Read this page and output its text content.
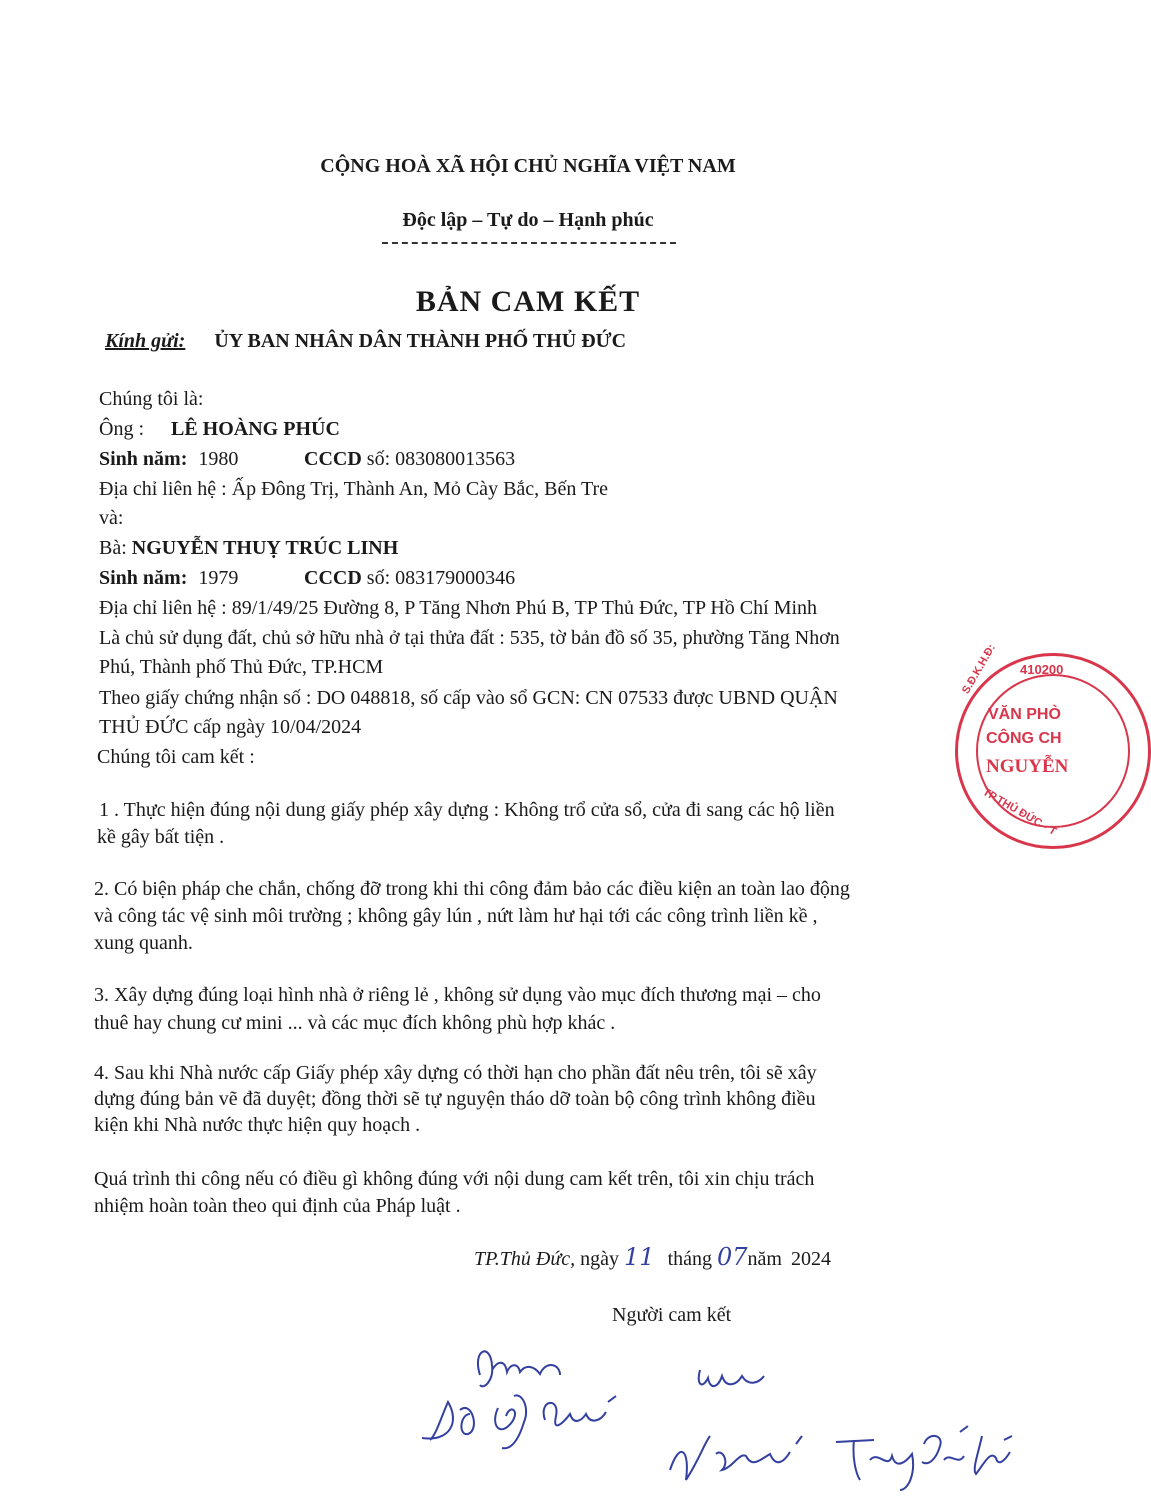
CỘNG HOÀ XÃ HỘI CHỦ NGHĨA VIỆT NAM
Độc lập – Tự do – Hạnh phúc
BẢN CAM KẾT
Kính gửi: ỦY BAN NHÂN DÂN THÀNH PHỐ THỦ ĐỨC
Chúng tôi là:
Ông : LÊ HOÀNG PHÚC
Sinh năm: 1980	CCCD số: 083080013563
Địa chỉ liên hệ : Ấp Đông Trị, Thành An, Mỏ Cày Bắc, Bến Tre
và:
Bà: NGUYỄN THUỴ TRÚC LINH
Sinh năm: 1979	CCCD số: 083179000346
Địa chỉ liên hệ : 89/1/49/25 Đường 8, P Tăng Nhơn Phú B, TP Thủ Đức, TP Hồ Chí Minh
Là chủ sử dụng đất, chủ sở hữu nhà ở tại thửa đất : 535, tờ bản đồ số 35, phường Tăng Nhơn
Phú, Thành phố Thủ Đức, TP.HCM
Theo giấy chứng nhận số : DO 048818, số cấp vào sổ GCN: CN 07533 được UBND QUẬN
THỦ ĐỨC cấp ngày 10/04/2024
Chúng tôi cam kết :
1 . Thực hiện đúng nội dung giấy phép xây dựng : Không trổ cửa sổ, cửa đi sang các hộ liền
kề gây bất tiện .
2. Có biện pháp che chắn, chống đỡ trong khi thi công đảm bảo các điều kiện an toàn lao động
và công tác vệ sinh môi trường ; không gây lún , nứt làm hư hại tới các công trình liền kề ,
xung quanh.
3. Xây dựng đúng loại hình nhà ở riêng lẻ , không sử dụng vào mục đích thương mại – cho
thuê hay chung cư mini ... và các mục đích không phù hợp khác .
4. Sau khi Nhà nước cấp Giấy phép xây dựng có thời hạn cho phần đất nêu trên, tôi sẽ xây
dựng đúng bản vẽ đã duyệt; đồng thời sẽ tự nguyện tháo dỡ toàn bộ công trình không điều
kiện khi Nhà nước thực hiện quy hoạch .
Quá trình thi công nếu có điều gì không đúng với nội dung cam kết trên, tôi xin chịu trách
nhiệm hoàn toàn theo qui định của Pháp luật .
TP.Thủ Đức, ngày 11 tháng 07năm 2024
Người cam kết
410200
S.Đ.K.H.Đ:
TP.THỦ ĐỨC - T
VĂN PHÒ
CÔNG CH
NGUYỄN
